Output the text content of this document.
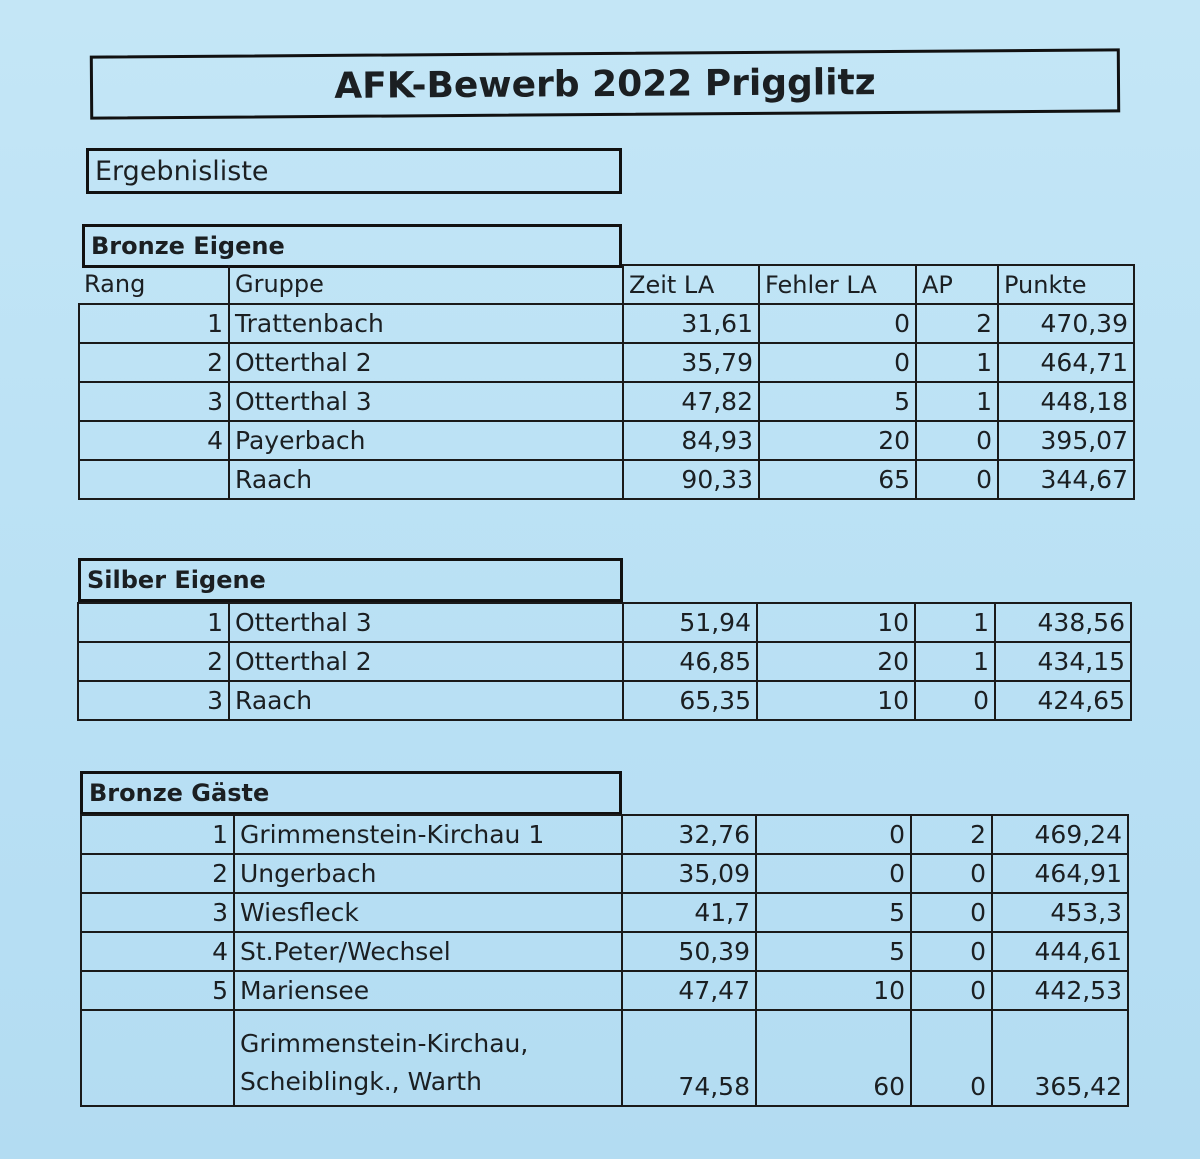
AFK-Bewerb 2022 Prigglitz
Ergebnisliste
Bronze Eigene
Rang	Gruppe	Zeit LA	Fehler LA	AP	Punkte
1	Trattenbach	31,61	0	2	470,39
2	Otterthal 2	35,79	0	1	464,71
3	Otterthal 3	47,82	5	1	448,18
4	Payerbach	84,93	20	0	395,07
	Raach	90,33	65	0	344,67
Silber Eigene
1	Otterthal 3	51,94	10	1	438,56
2	Otterthal 2	46,85	20	1	434,15
3	Raach	65,35	10	0	424,65
Bronze Gäste
1	Grimmenstein-Kirchau 1	32,76	0	2	469,24
2	Ungerbach	35,09	0	0	464,91
3	Wiesfleck	41,7	5	0	453,3
4	St.Peter/Wechsel	50,39	5	0	444,61
5	Mariensee	47,47	10	0	442,53
	Grimmenstein-Kirchau, Scheiblingk., Warth	74,58	60	0	365,42
